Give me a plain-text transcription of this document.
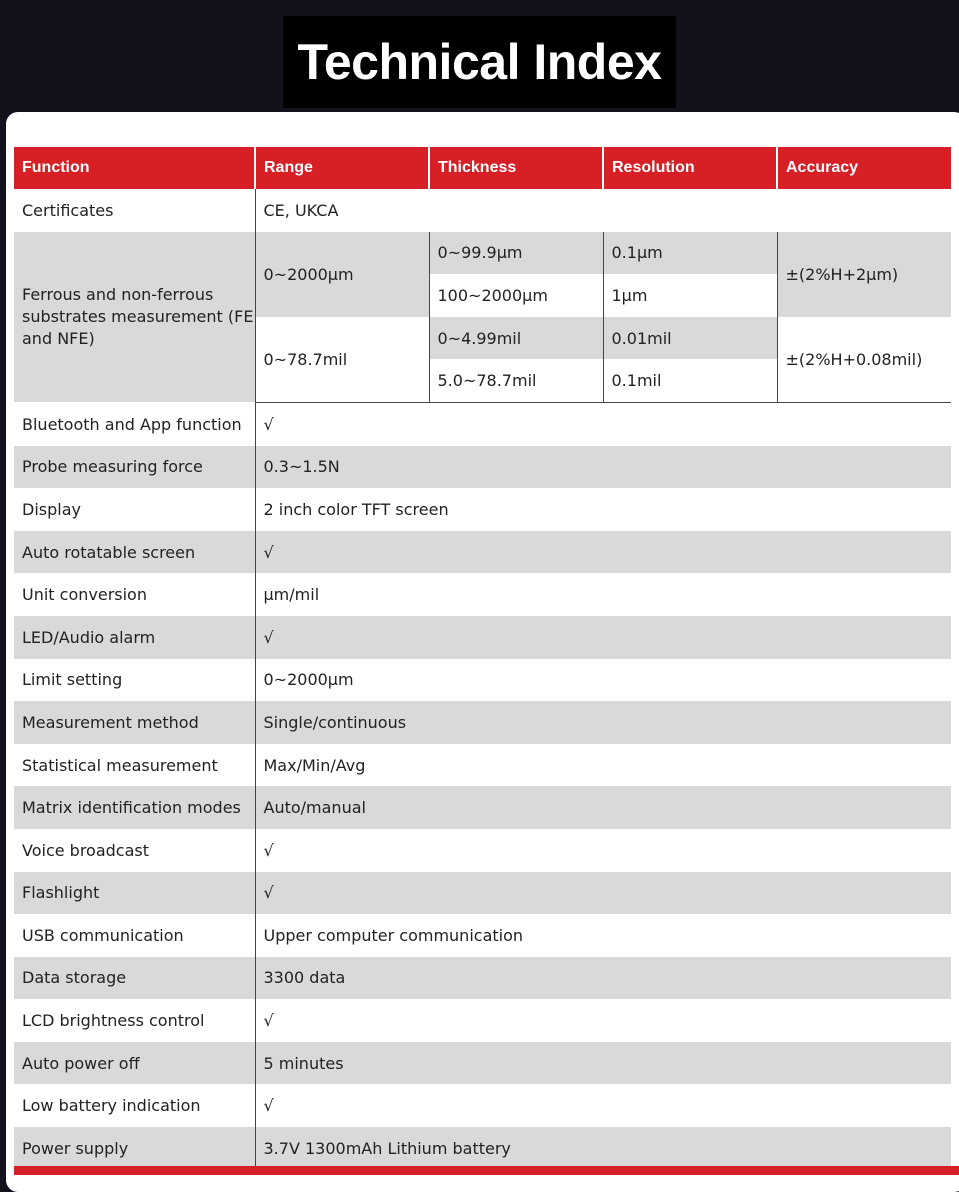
Technical Index
Function	Range	Thickness	Resolution	Accuracy
Certificates	CE, UKCA			
Ferrous and non-ferrous substrates measurement (FE and NFE)	0~2000µm	0~99.9µm	0.1µm	±(2%H+2µm)
		100~2000µm	1µm	
	0~78.7mil	0~4.99mil	0.01mil	±(2%H+0.08mil)
		5.0~78.7mil	0.1mil	
Bluetooth and App function	√			
Probe measuring force	0.3~1.5N			
Display	2 inch color TFT screen			
Auto rotatable screen	√			
Unit conversion	µm/mil			
LED/Audio alarm	√			
Limit setting	0~2000µm			
Measurement method	Single/continuous			
Statistical measurement	Max/Min/Avg			
Matrix identification modes	Auto/manual			
Voice broadcast	√			
Flashlight	√			
USB communication	Upper computer communication			
Data storage	3300 data			
LCD brightness control	√			
Auto power off	5 minutes			
Low battery indication	√			
Power supply	3.7V 1300mAh Lithium battery			
